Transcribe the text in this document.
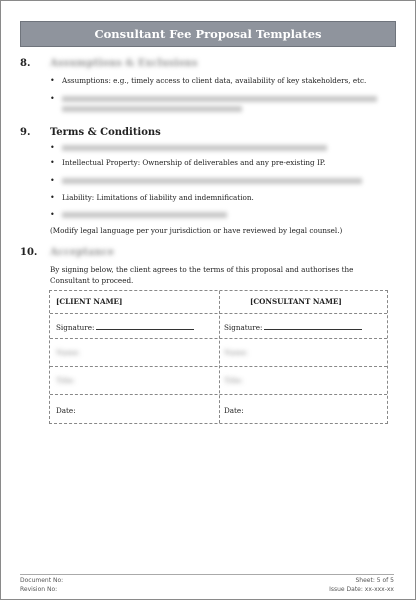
Consultant Fee Proposal Templates
8. Assumptions & Exclusions
•	Assumptions: e.g., timely access to client data, availability of key stakeholders, etc.
•
9. Terms & Conditions
•
•	Intellectual Property: Ownership of deliverables and any pre-existing IP.
•
•	Liability: Limitations of liability and indemnification.
•
(Modify legal language per your jurisdiction or have reviewed by legal counsel.)
10. Acceptance
By signing below, the client agrees to the terms of this proposal and authorises the Consultant to proceed.
[CLIENT NAME]	[CONSULTANT NAME]
Signature:	Signature:
Name:	Name:
Title:	Title:
Date:	Date:
Document No:
Revision No:
Sheet: 5 of 5
Issue Date: xx-xxx-xx
